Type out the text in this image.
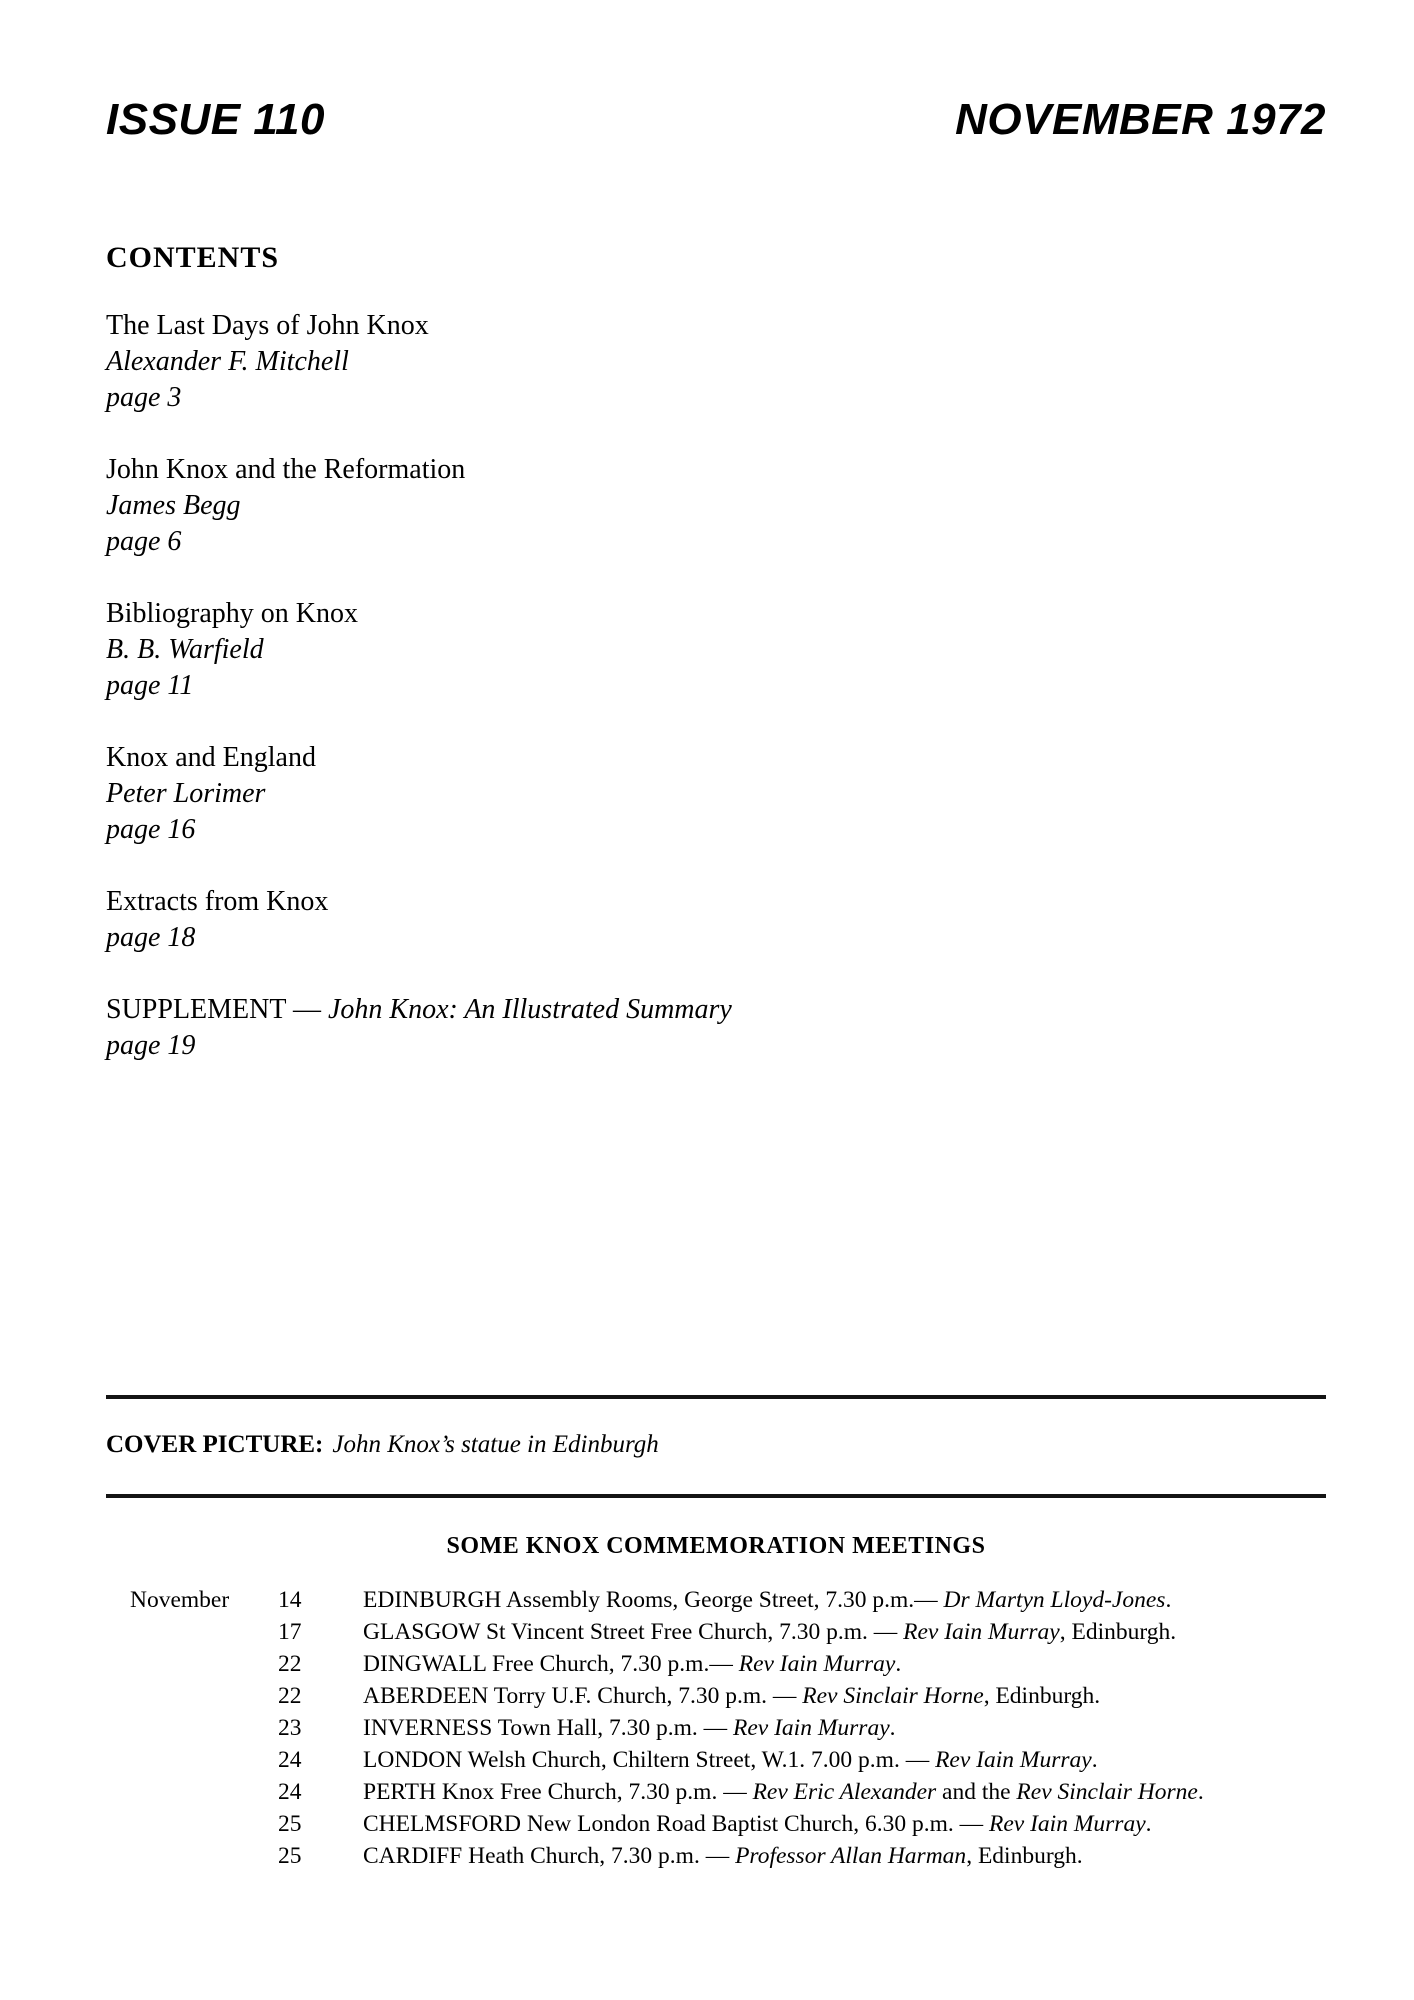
ISSUE 110	NOVEMBER 1972
CONTENTS
The Last Days of John Knox
Alexander F. Mitchell
page 3
John Knox and the Reformation
James Begg
page 6
Bibliography on Knox
B. B. Warfield
page 11
Knox and England
Peter Lorimer
page 16
Extracts from Knox
page 18
SUPPLEMENT — John Knox: An Illustrated Summary
page 19
COVER PICTURE: John Knox’s statue in Edinburgh
SOME KNOX COMMEMORATION MEETINGS
November	14	EDINBURGH Assembly Rooms, George Street, 7.30 p.m.— Dr Martyn Lloyd-Jones.
17	GLASGOW St Vincent Street Free Church, 7.30 p.m. — Rev Iain Murray, Edinburgh.
22	DINGWALL Free Church, 7.30 p.m.— Rev Iain Murray.
22	ABERDEEN Torry U.F. Church, 7.30 p.m. — Rev Sinclair Horne, Edinburgh.
23	INVERNESS Town Hall, 7.30 p.m. — Rev Iain Murray.
24	LONDON Welsh Church, Chiltern Street, W.1. 7.00 p.m. — Rev Iain Murray.
24	PERTH Knox Free Church, 7.30 p.m. — Rev Eric Alexander and the Rev Sinclair Horne.
25	CHELMSFORD New London Road Baptist Church, 6.30 p.m. — Rev Iain Murray.
25	CARDIFF Heath Church, 7.30 p.m. — Professor Allan Harman, Edinburgh.
